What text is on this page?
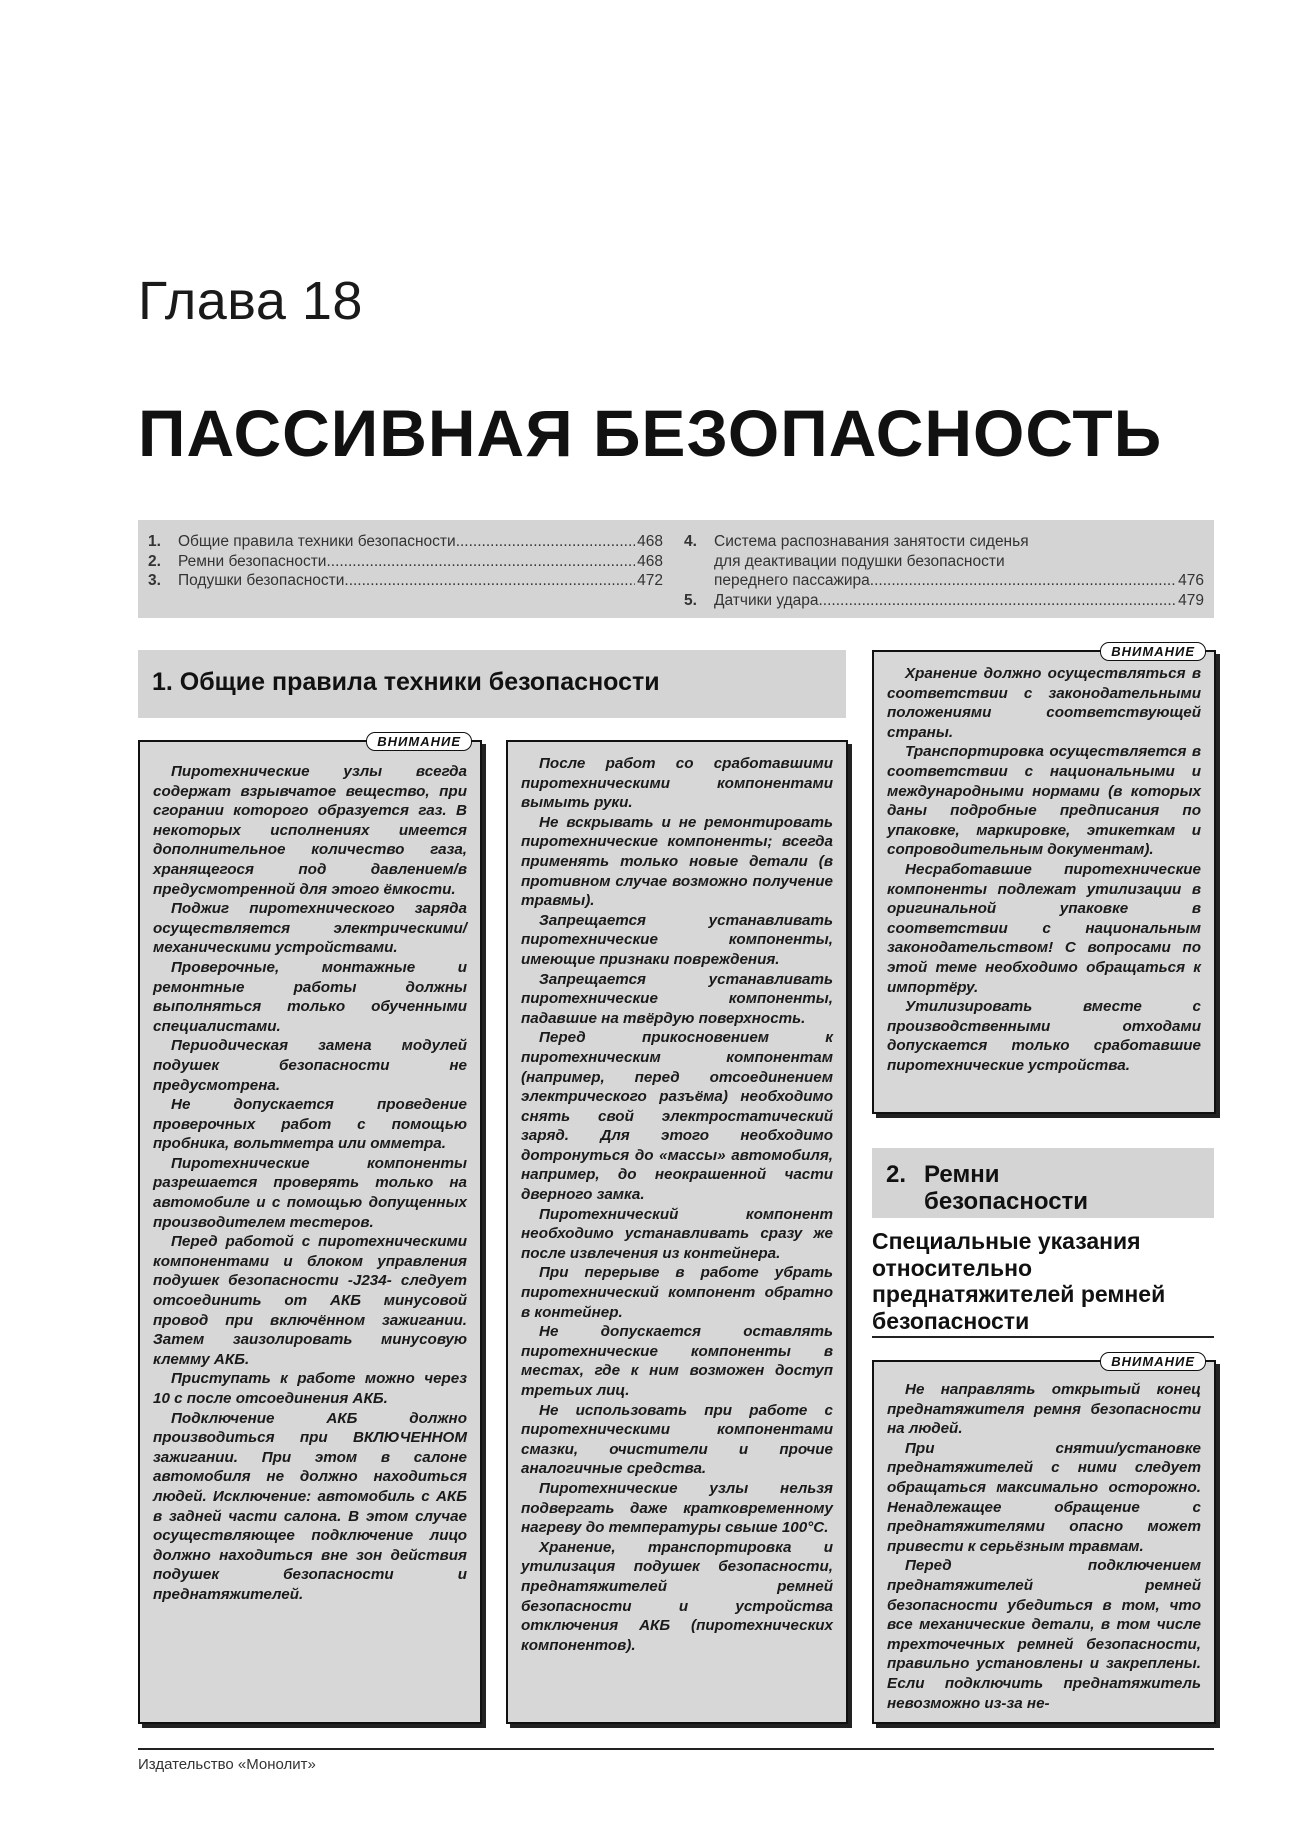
Глава 18
ПАССИВНАЯ БЕЗОПАСНОСТЬ
1.	Общие правила техники безопасности .....	468
2.	Ремни безопасности .....	468
3.	Подушки безопасности .....	472
4.	Система распознавания занятости сиденья
для деактивации подушки безопасности
переднего пассажира .....	476
5.	Датчики удара .....	479
1. Общие правила техники безопасности
2. Ремни
безопасности
Специальные указания относительно преднатяжителей ремней безопасности
ВНИМАНИЕ

Пиротехнические узлы всегда содержат взрывчатое вещество, при сгорании которого образуется газ. В некоторых исполнениях имеется дополнительное количество газа, хранящегося под давлением/в предусмотренной для этого ёмкости.

Поджиг пиротехнического заряда осуществляется электрическими/механическими устройствами.

Проверочные, монтажные и ремонтные работы должны выполняться только обученными специалистами.

Периодическая замена модулей подушек безопасности не предусмотрена.

Не допускается проведение проверочных работ с помощью пробника, вольтметра или омметра.

Пиротехнические компоненты разрешается проверять только на автомобиле и с помощью допущенных производителем тестеров.

Перед работой с пиротехническими компонентами и блоком управления подушек безопасности -J234- следует отсоединить от АКБ минусовой провод при включённом зажигании. Затем заизолировать минусовую клемму АКБ.

Приступать к работе можно через 10 с после отсоединения АКБ.

Подключение АКБ должно производиться при ВКЛЮЧЕННОМ зажигании. При этом в салоне автомобиля не должно находиться людей. Исключение: автомобиль с АКБ в задней части салона. В этом случае осуществляющее подключение лицо должно находиться вне зон действия подушек безопасности и преднатяжителей.

После работ со сработавшими пиротехническими компонентами вымыть руки.

Не вскрывать и не ремонтировать пиротехнические компоненты; всегда применять только новые детали (в противном случае возможно получение травмы).

Запрещается устанавливать пиротехнические компоненты, имеющие признаки повреждения.

Запрещается устанавливать пиротехнические компоненты, падавшие на твёрдую поверхность.

Перед прикосновением к пиротехническим компонентам (например, перед отсоединением электрического разъёма) необходимо снять свой электростатический заряд. Для этого необходимо дотронуться до «массы» автомобиля, например, до неокрашенной части дверного замка.

Пиротехнический компонент необходимо устанавливать сразу же после извлечения из контейнера.

При перерыве в работе убрать пиротехнический компонент обратно в контейнер.

Не допускается оставлять пиротехнические компоненты в местах, где к ним возможен доступ третьих лиц.

Не использовать при работе с пиротехническими компонентами смазки, очистители и прочие аналогичные средства.

Пиротехнические узлы нельзя подвергать даже кратковременному нагреву до температуры свыше 100°С.

Хранение, транспортировка и утилизация подушек безопасности, преднатяжителей ремней безопасности и устройства отключения АКБ (пиротехнических компонентов).

ВНИМАНИЕ

Хранение должно осуществляться в соответствии с законодательными положениями соответствующей страны.

Транспортировка осуществляется в соответствии с национальными и международными нормами (в которых даны подробные предписания по упаковке, маркировке, этикеткам и сопроводительным документам).

Несработавшие пиротехнические компоненты подлежат утилизации в оригинальной упаковке в соответствии с национальным законодательством! С вопросами по этой теме необходимо обращаться к импортёру.

Утилизировать вместе с производственными отходами допускается только сработавшие пиротехнические устройства.

ВНИМАНИЕ

Не направлять открытый конец преднатяжителя ремня безопасности на людей.

При снятии/установке преднатяжителей с ними следует обращаться максимально осторожно. Ненадлежащее обращение с преднатяжителями опасно может привести к серьёзным травмам.

Перед подключением преднатяжителей ремней безопасности убедиться в том, что все механические детали, в том числе трехточечных ремней безопасности, правильно установлены и закреплены. Если подключить преднатяжитель невозможно из-за не-

Издательство «Монолит»
